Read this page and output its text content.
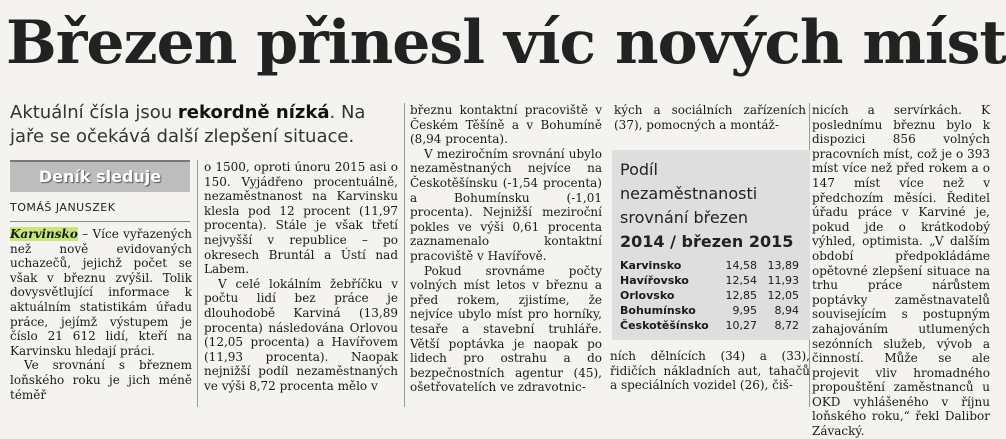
Březen přinesl víc nových míst
Aktuální čísla jsou rekordně nízká. Na jaře se očekává další zlepšení situace.
Deník sleduje
TOMÁŠ JANUSZEK

Karvinsko – Více vyřazených než nově evidovaných uchazečů, jejichž počet se však v březnu zvýšil. Tolik dovysvětlující informace k aktuálním statistikám úřadu práce, jejímž výstupem je číslo 21 612 lidí, kteří na Karvinsku hledají práci.

Ve srovnání s březnem loňského roku je jich méně téměř

o 1500, oproti únoru 2015 asi o 150. Vyjádřeno procentuálně, nezaměstnanost na Karvinsku klesla pod 12 procent (11,97 procenta). Stále je však třetí nejvyšší v republice – po okresech Bruntál a Ústí nad Labem.

V celé lokálním žebříčku v počtu lidí bez práce je dlouhodobě Karviná (13,89 procenta) následována Orlovou (12,05 procenta) a Havířovem (11,93 procenta). Naopak nejnižší podíl nezaměstnaných ve výši 8,72 procenta mělo v

březnu kontaktní pracoviště v Českém Těšíně a v Bohumíně (8,94 procenta).

V meziročním srovnání ubylo nezaměstnaných nejvíce na Českotěšínsku (-1,54 procenta) a Bohumínsku (-1,01 procenta). Nejnižší meziroční pokles ve výši 0,61 procenta zaznamenalo kontaktní pracoviště v Havířově.

Pokud srovnáme počty volných míst letos v březnu a před rokem, zjistíme, že nejvíce ubylo míst pro horníky, tesaře a stavební truhláře. Větší poptávka je naopak po lidech pro ostrahu a do bezpečnostních agentur (45), ošetřovatelích ve zdravotnic-

kých a sociálních zařízeních (37), pomocných a montáž-

Podíl
nezaměstnanosti
srovnání březen
2014 / březen 2015
Karvinsko	14,58 13,89
Havířovsko	12,54 11,93
Orlovsko	12,85 12,05
Bohumínsko	9,95	8,94
Českotěšínsko	10,27	8,72

ních dělnících (34) a (33), řidičích nákladních aut, tahačů a speciálních vozidel (26), čiš-

nicích a servírkách. K poslednímu březnu bylo k dispozici 856 volných pracovních míst, což je o 393 míst více než před rokem a o 147 míst více než v předchozím měsíci. Ředitel úřadu práce v Karviné je, pokud jde o krátkodobý výhled, optimista. „V dalším období předpokládáme opětovné zlepšení situace na trhu práce nárůstem poptávky zaměstnavatelů souvisejícím s postupným zahajováním utlumených sezónních služeb, vývob a činností. Může se ale projevit vliv hromadného propouštění zaměstnanců u OKD vyhlášeného v říjnu loňského roku,“ řekl Dalibor Závacký.
